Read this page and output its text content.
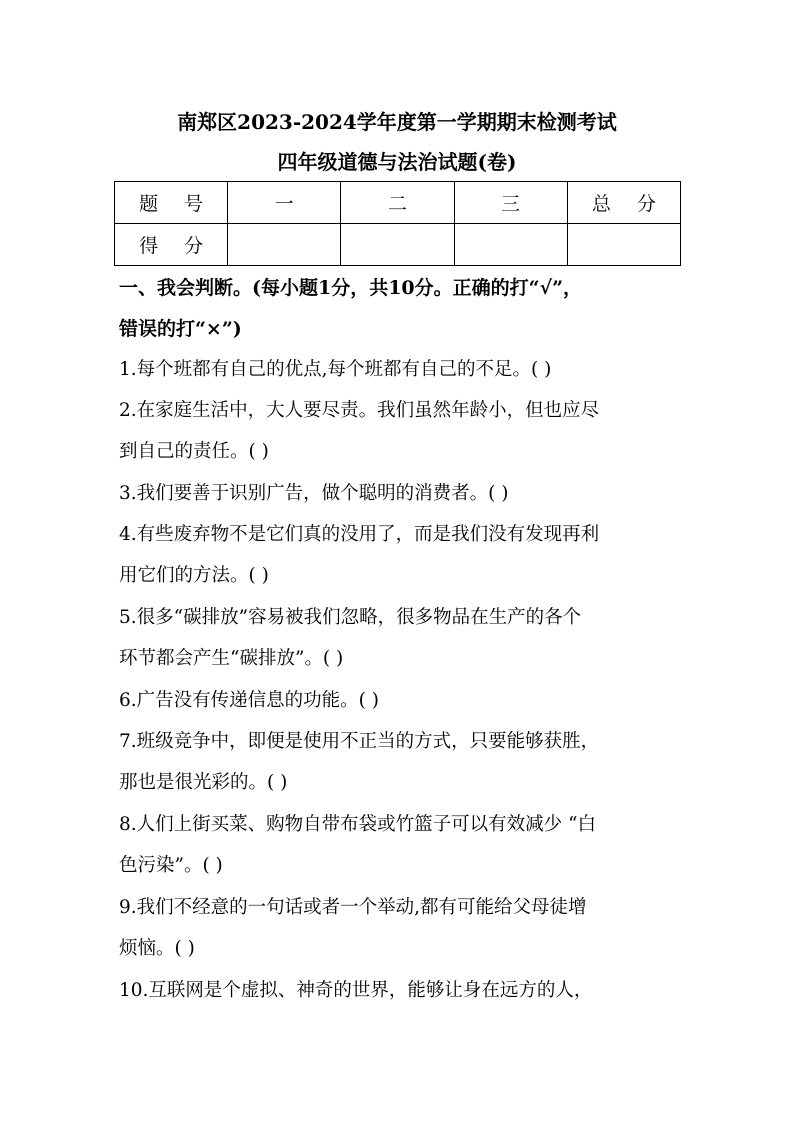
南郑区2023-2024学年度第一学期期末检测考试
四年级道德与法治试题(卷)
题 号	一	二	三	总 分
得 分				
一、我会判断。(每小题1分，共10分。正确的打“√”，
错误的打“×”)
1.每个班都有自己的优点,每个班都有自己的不足。( )
2.在家庭生活中，大人要尽责。我们虽然年龄小，但也应尽
到自己的责任。( )
3.我们要善于识别广告，做个聪明的消费者。( )
4.有些废弃物不是它们真的没用了，而是我们没有发现再利
用它们的方法。( )
5.很多“碳排放”容易被我们忽略，很多物品在生产的各个
环节都会产生“碳排放”。( )
6.广告没有传递信息的功能。( )
7.班级竞争中，即便是使用不正当的方式，只要能够获胜，
那也是很光彩的。( )
8.人们上街买菜、购物自带布袋或竹篮子可以有效减少 “白
色污染”。( )
9.我们不经意的一句话或者一个举动,都有可能给父母徒增
烦恼。( )
10.互联网是个虚拟、神奇的世界，能够让身在远方的人，
